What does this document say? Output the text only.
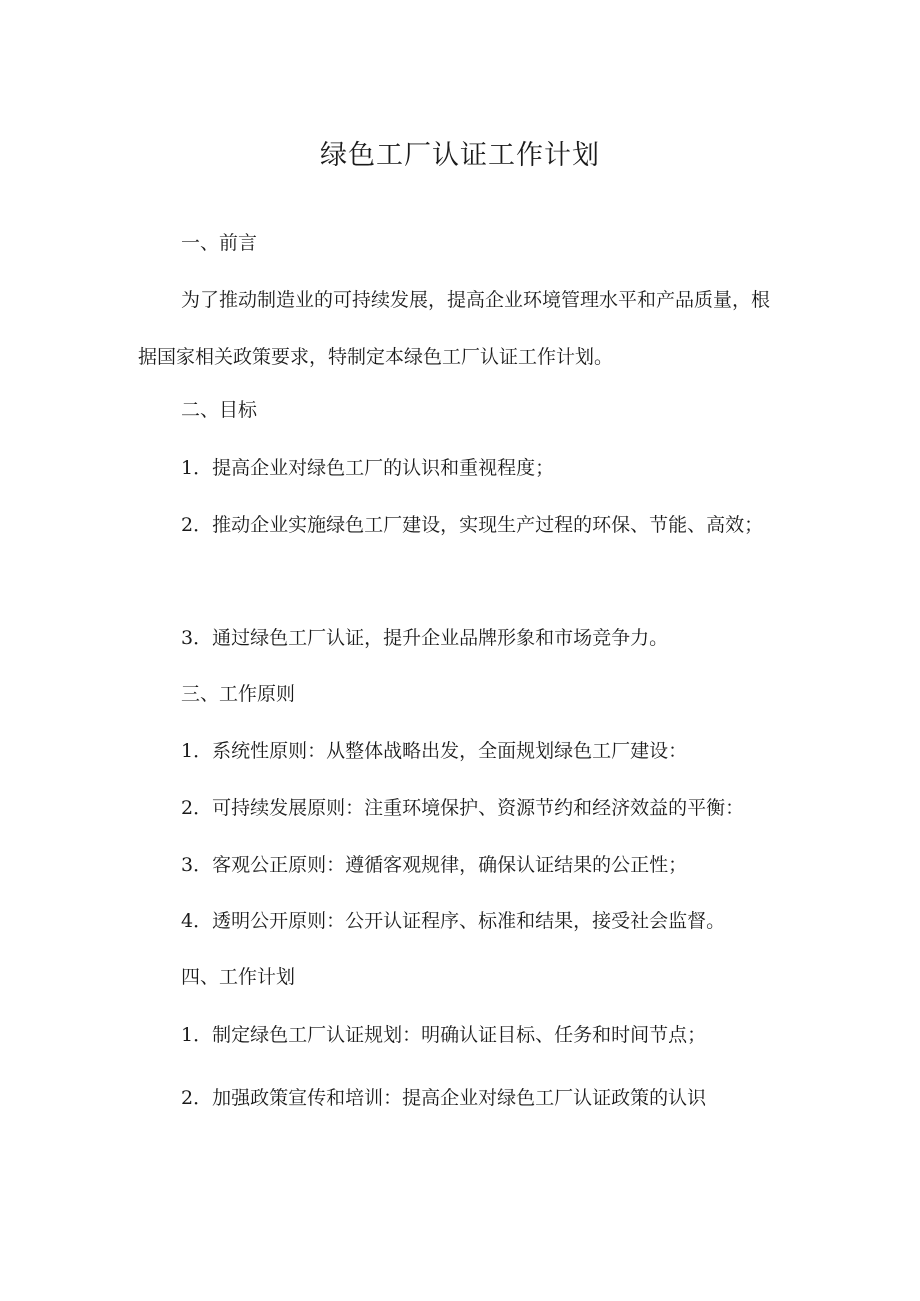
绿色工厂认证工作计划
一、前言
为了推动制造业的可持续发展，提高企业环境管理水平和产品质量，根据国家相关政策要求，特制定本绿色工厂认证工作计划。
二、目标
1．提高企业对绿色工厂的认识和重视程度；
2．推动企业实施绿色工厂建设，实现生产过程的环保、节能、高效；
3．通过绿色工厂认证，提升企业品牌形象和市场竞争力。
三、工作原则
1．系统性原则：从整体战略出发，全面规划绿色工厂建设：
2．可持续发展原则：注重环境保护、资源节约和经济效益的平衡：
3．客观公正原则：遵循客观规律，确保认证结果的公正性；
4．透明公开原则：公开认证程序、标准和结果，接受社会监督。
四、工作计划
1．制定绿色工厂认证规划：明确认证目标、任务和时间节点；
2．加强政策宣传和培训：提高企业对绿色工厂认证政策的认识
